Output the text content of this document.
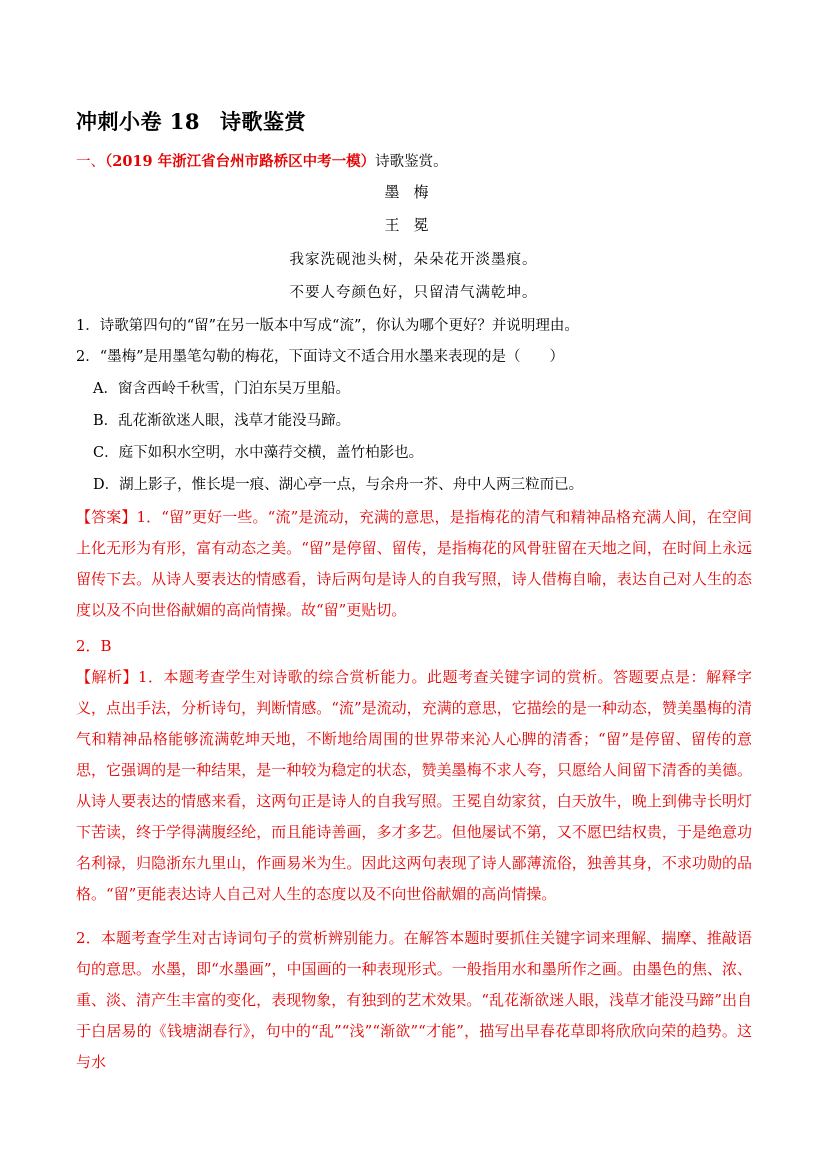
冲刺小卷 18 诗歌鉴赏
一、（2019 年浙江省台州市路桥区中考一模）诗歌鉴赏。
墨梅
王冕
我家洗砚池头树，朵朵花开淡墨痕。
不要人夸颜色好，只留清气满乾坤。
1．诗歌第四句的“留”在另一版本中写成“流”，你认为哪个更好？并说明理由。
2．“墨梅”是用墨笔勾勒的梅花，下面诗文不适合用水墨来表现的是（　　）
A．窗含西岭千秋雪，门泊东吴万里船。
B．乱花渐欲迷人眼，浅草才能没马蹄。
C．庭下如积水空明，水中藻荇交横，盖竹柏影也。
D．湖上影子，惟长堤一痕、湖心亭一点，与余舟一芥、舟中人两三粒而已。
【答案】1．“留”更好一些。“流”是流动，充满的意思，是指梅花的清气和精神品格充满人间，在空间上化无形为有形，富有动态之美。“留”是停留、留传，是指梅花的风骨驻留在天地之间，在时间上永远留传下去。从诗人要表达的情感看，诗后两句是诗人的自我写照，诗人借梅自喻，表达自己对人生的态度以及不向世俗献媚的高尚情操。故“留”更贴切。
2．B
【解析】1．本题考查学生对诗歌的综合赏析能力。此题考查关键字词的赏析。答题要点是：解释字义，点出手法，分析诗句，判断情感。“流”是流动，充满的意思，它描绘的是一种动态，赞美墨梅的清气和精神品格能够流满乾坤天地，不断地给周围的世界带来沁人心脾的清香；“留”是停留、留传的意思，它强调的是一种结果，是一种较为稳定的状态，赞美墨梅不求人夸，只愿给人间留下清香的美德。从诗人要表达的情感来看，这两句正是诗人的自我写照。王冕自幼家贫，白天放牛，晚上到佛寺长明灯下苦读，终于学得满腹经纶，而且能诗善画，多才多艺。但他屡试不第，又不愿巴结权贵，于是绝意功名利禄，归隐浙东九里山，作画易米为生。因此这两句表现了诗人鄙薄流俗，独善其身，不求功勋的品格。“留”更能表达诗人自己对人生的态度以及不向世俗献媚的高尚情操。
2．本题考查学生对古诗词句子的赏析辨别能力。在解答本题时要抓住关键字词来理解、揣摩、推敲语句的意思。水墨，即“水墨画”，中国画的一种表现形式。一般指用水和墨所作之画。由墨色的焦、浓、重、淡、清产生丰富的变化，表现物象，有独到的艺术效果。“乱花渐欲迷人眼，浅草才能没马蹄”出自于白居易的《钱塘湖春行》，句中的“乱”“浅”“渐欲”“才能”，描写出早春花草即将欣欣向荣的趋势。这与水
